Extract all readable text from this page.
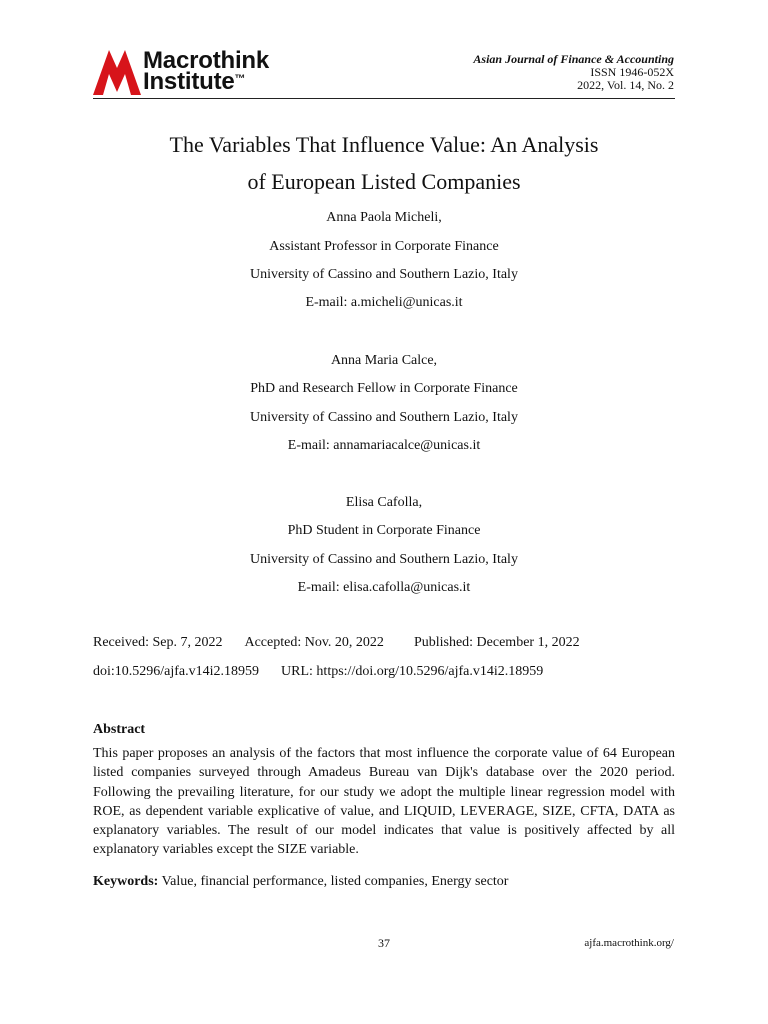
Macrothink
Institute™
Asian Journal of Finance & Accounting
ISSN 1946-052X
2022, Vol. 14, No. 2
The Variables That Influence Value: An Analysis
of European Listed Companies
Anna Paola Micheli,
Assistant Professor in Corporate Finance
University of Cassino and Southern Lazio, Italy
E-mail: a.micheli@unicas.it
Anna Maria Calce,
PhD and Research Fellow in Corporate Finance
University of Cassino and Southern Lazio, Italy
E-mail: annamariacalce@unicas.it
Elisa Cafolla,
PhD Student in Corporate Finance
University of Cassino and Southern Lazio, Italy
E-mail: elisa.cafolla@unicas.it
Received: Sep. 7, 2022 Accepted: Nov. 20, 2022 Published: December 1, 2022
doi:10.5296/ajfa.v14i2.18959 URL: https://doi.org/10.5296/ajfa.v14i2.18959
Abstract

This paper proposes an analysis of the factors that most influence the corporate value of 64 European listed companies surveyed through Amadeus Bureau van Dijk's database over the 2020 period. Following the prevailing literature, for our study we adopt the multiple linear regression model with ROE, as dependent variable explicative of value, and LIQUID, LEVERAGE, SIZE, CFTA, DATA as explanatory variables. The result of our model indicates that value is positively affected by all explanatory variables except the SIZE variable.

Keywords: Value, financial performance, listed companies, Energy sector
37	ajfa.macrothink.org/
